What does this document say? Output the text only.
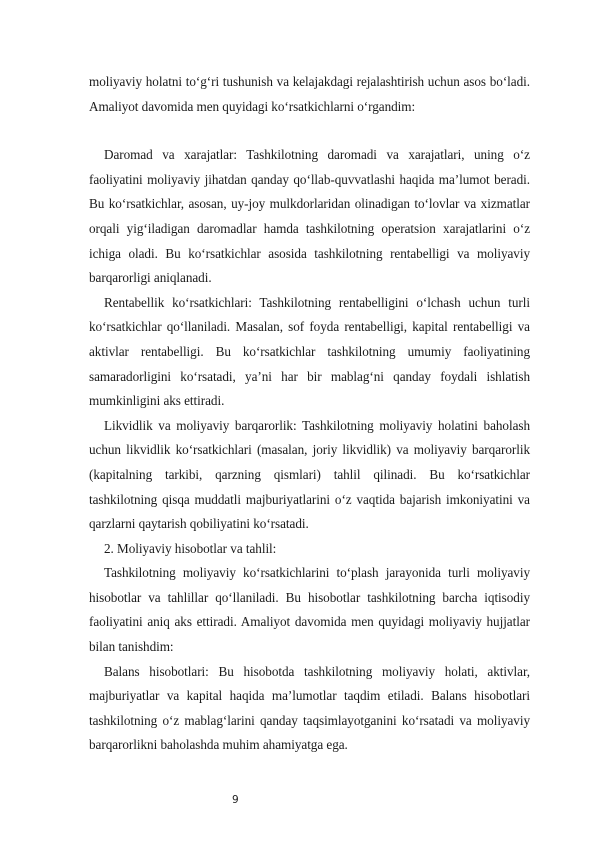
moliyaviy holatni to‘g‘ri tushunish va kelajakdagi rejalashtirish uchun asos bo‘ladi. Amaliyot davomida men quyidagi ko‘rsatkichlarni o‘rgandim:

Daromad va xarajatlar: Tashkilotning daromadi va xarajatlari, uning o‘z faoliyatini moliyaviy jihatdan qanday qo‘llab-quvvatlashi haqida ma’lumot beradi. Bu ko‘rsatkichlar, asosan, uy-joy mulkdorlaridan olinadigan to‘lovlar va xizmatlar orqali yig‘iladigan daromadlar hamda tashkilotning operatsion xarajatlarini o‘z ichiga oladi. Bu ko‘rsatkichlar asosida tashkilotning rentabelligi va moliyaviy barqarorligi aniqlanadi.

Rentabellik ko‘rsatkichlari: Tashkilotning rentabelligini o‘lchash uchun turli ko‘rsatkichlar qo‘llaniladi. Masalan, sof foyda rentabelligi, kapital rentabelligi va aktivlar rentabelligi. Bu ko‘rsatkichlar tashkilotning umumiy faoliyatining samaradorligini ko‘rsatadi, ya’ni har bir mablag‘ni qanday foydali ishlatish mumkinligini aks ettiradi.

Likvidlik va moliyaviy barqarorlik: Tashkilotning moliyaviy holatini baholash uchun likvidlik ko‘rsatkichlari (masalan, joriy likvidlik) va moliyaviy barqarorlik (kapitalning tarkibi, qarzning qismlari) tahlil qilinadi. Bu ko‘rsatkichlar tashkilotning qisqa muddatli majburiyatlarini o‘z vaqtida bajarish imkoniyatini va qarzlarni qaytarish qobiliyatini ko‘rsatadi.

2. Moliyaviy hisobotlar va tahlil:

Tashkilotning moliyaviy ko‘rsatkichlarini to‘plash jarayonida turli moliyaviy hisobotlar va tahlillar qo‘llaniladi. Bu hisobotlar tashkilotning barcha iqtisodiy faoliyatini aniq aks ettiradi. Amaliyot davomida men quyidagi moliyaviy hujjatlar bilan tanishdim:

Balans hisobotlari: Bu hisobotda tashkilotning moliyaviy holati, aktivlar, majburiyatlar va kapital haqida ma’lumotlar taqdim etiladi. Balans hisobotlari tashkilotning o‘z mablag‘larini qanday taqsimlayotganini ko‘rsatadi va moliyaviy barqarorlikni baholashda muhim ahamiyatga ega.

9
